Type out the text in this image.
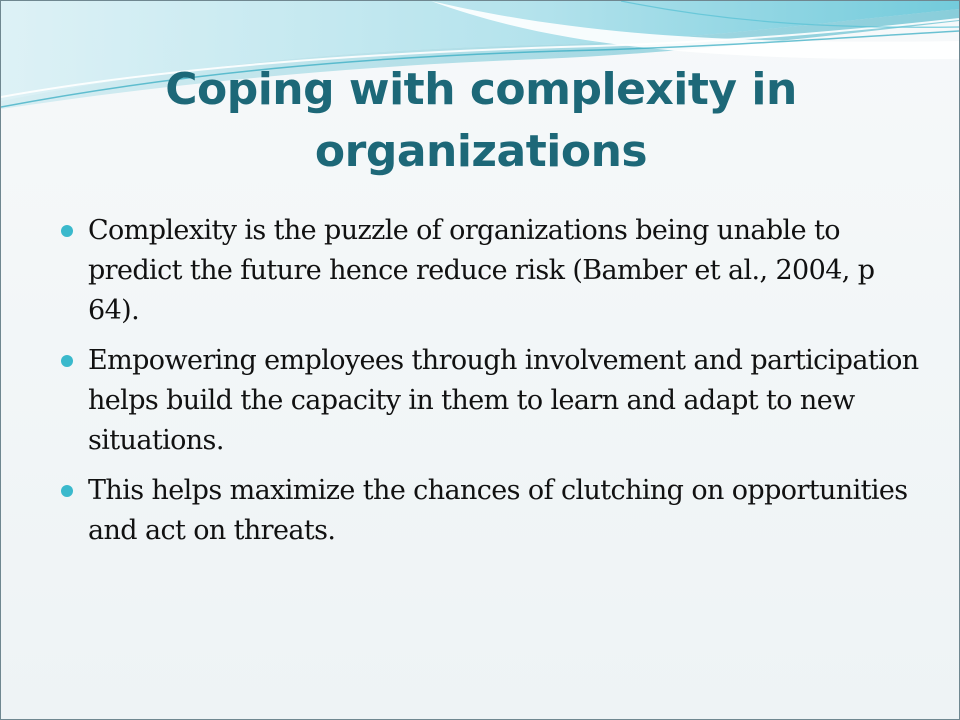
Coping with complexity in organizations
Complexity is the puzzle of organizations being unable to predict the future hence reduce risk (Bamber et al., 2004, p 64).
Empowering employees through involvement and participation helps build the capacity in them to learn and adapt to new situations.
This helps maximize the chances of clutching on opportunities and act on threats.
